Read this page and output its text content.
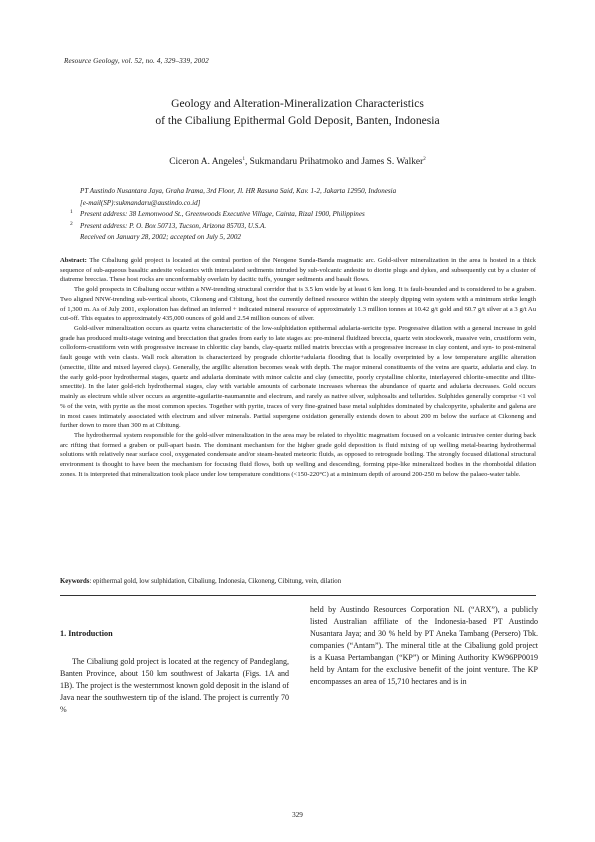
Resource Geology, vol. 52, no. 4, 329–339, 2002
Geology and Alteration-Mineralization Characteristics
of the Cibaliung Epithermal Gold Deposit, Banten, Indonesia
Ciceron A. Angeles$^1$, Sukmandaru Prihatmoko and James S. Walker$^2$
PT Austindo Nusantara Jaya, Graha Irama, 3rd Floor, Jl. HR Rasuna Said, Kav. 1-2, Jakarta 12950, Indonesia
[e-mail(SP):sukmandaru@austindo.co.id]
1 Present address: 38 Lemonwood St., Greenwoods Executive Village, Cainta, Rizal 1900, Philippines
2 Present address: P. O. Box 50713, Tucson, Arizona 85703, U.S.A.
Received on January 28, 2002; accepted on July 5, 2002

Abstract: The Cibaliung gold project is located at the central portion of the Neogene Sunda-Banda magmatic arc. Gold-silver mineralization in the area is hosted in a thick sequence of sub-aqueous basaltic andesite volcanics with intercalated sediments intruded by sub-volcanic andesite to diorite plugs and dykes, and subsequently cut by a cluster of diatreme breccias. These host rocks are unconformably overlain by dacitic tuffs, younger sediments and basalt flows.

The gold prospects in Cibaliung occur within a NW-trending structural corridor that is 3.5 km wide by at least 6 km long. It is fault-bounded and is considered to be a graben. Two aligned NNW-trending sub-vertical shoots, Cikoneng and Cibitung, host the currently defined resource within the steeply dipping vein system with a minimum strike length of 1,300 m. As of July 2001, exploration has defined an inferred + indicated mineral resource of approximately 1.3 million tonnes at 10.42 g/t gold and 60.7 g/t silver at a 3 g/t Au cut-off. This equates to approximately 435,000 ounces of gold and 2.54 million ounces of silver.

Gold-silver mineralization occurs as quartz veins characteristic of the low-sulphidation epithermal adularia-sericite type. Progressive dilation with a general increase in gold grade has produced multi-stage veining and brecciation that grades from early to late stages as: pre-mineral fluidized breccia, quartz vein stockwork, massive vein, crustiform vein, colloform-crustiform vein with progressive increase in chloritic clay bands, clay-quartz milled matrix breccias with a progressive increase in clay content, and syn- to post-mineral fault gouge with vein clasts. Wall rock alteration is characterized by prograde chlorite+adularia flooding that is locally overprinted by a low temperature argillic alteration (smectite, illite and mixed layered clays). Generally, the argillic alteration becomes weak with depth. The major mineral constituents of the veins are quartz, adularia and clay. In the early gold-poor hydrothermal stages, quartz and adularia dominate with minor calcite and clay (smectite, poorly crystalline chlorite, interlayered chlorite-smectite and illite-smectite). In the later gold-rich hydrothermal stages, clay with variable amounts of carbonate increases whereas the abundance of quartz and adularia decreases. Gold occurs mainly as electrum while silver occurs as argentite-aguilarite-naumannite and electrum, and rarely as native silver, sulphosalts and tellurides. Sulphides generally comprise <1 vol % of the vein, with pyrite as the most common species. Together with pyrite, traces of very fine-grained base metal sulphides dominated by chalcopyrite, sphalerite and galena are in most cases intimately associated with electrum and silver minerals. Partial supergene oxidation generally extends down to about 200 m below the surface at Cikoneng and further down to more than 300 m at Cibitung.

The hydrothermal system responsible for the gold-silver mineralization in the area may be related to rhyolitic magmatism focused on a volcanic intrusive center during back arc rifting that formed a graben or pull-apart basin. The dominant mechanism for the higher grade gold deposition is fluid mixing of up welling metal-bearing hydrothermal solutions with relatively near surface cool, oxygenated condensate and/or steam-heated meteoric fluids, as opposed to retrograde boiling. The strongly focused dilational structural environment is thought to have been the mechanism for focusing fluid flows, both up welling and descending, forming pipe-like mineralized bodies in the rhomboidal dilation zones. It is interpreted that mineralization took place under low temperature conditions (<150-220°C) at a minimum depth of around 200-250 m below the palaeo-water table.

Keywords: epithermal gold, low sulphidation, Cibaliung, Indonesia, Cikoneng, Cibitung, vein, dilation
1. Introduction

The Cibaliung gold project is located at the regency of Pandeglang, Banten Province, about 150 km southwest of Jakarta (Figs. 1A and 1B). The project is the westernmost known gold deposit in the island of Java near the southwestern tip of the island. The project is currently 70 %

held by Austindo Resources Corporation NL (“ARX”), a publicly listed Australian affiliate of the Indonesia-based PT Austindo Nusantara Jaya; and 30 % held by PT Aneka Tambang (Persero) Tbk. companies (“Antam”). The mineral title at the Cibaliung gold project is a Kuasa Pertambangan (“KP”) or Mining Authority KW96PP0019 held by Antam for the exclusive benefit of the joint venture. The KP encompasses an area of 15,710 hectares and is in

329
